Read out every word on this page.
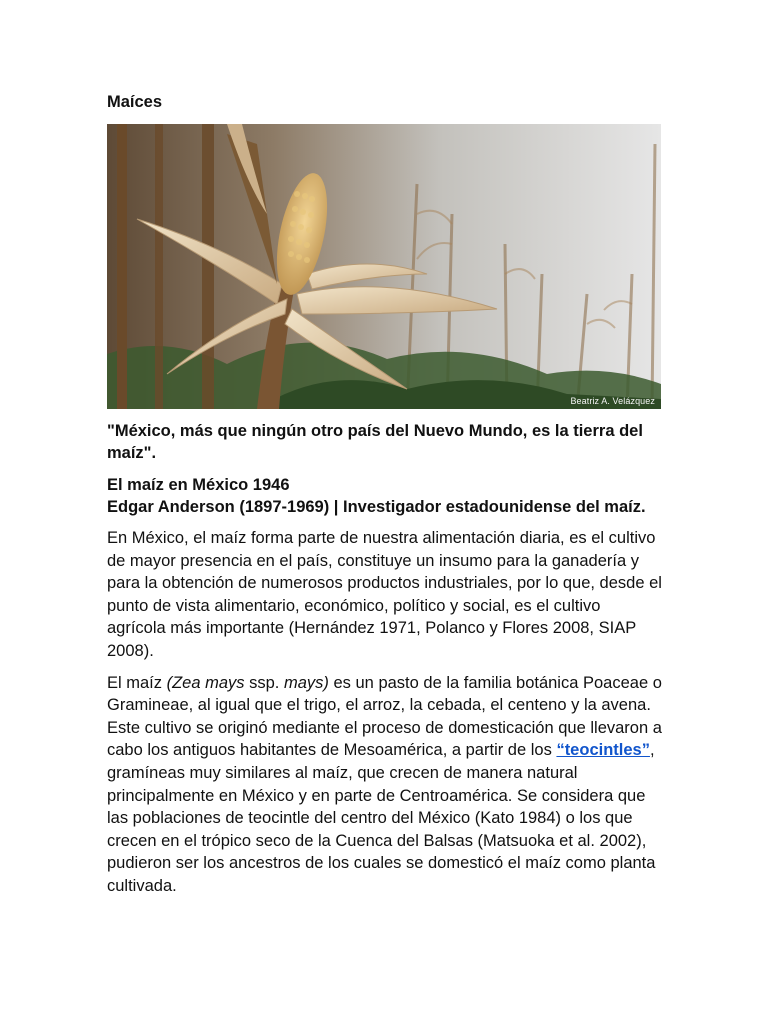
Maíces
Beatriz A. Velázquez
"México, más que ningún otro país del Nuevo Mundo, es la tierra del maíz".
El maíz en México 1946
Edgar Anderson (1897-1969) | Investigador estadounidense del maíz.

En México, el maíz forma parte de nuestra alimentación diaria, es el cultivo de mayor presencia en el país, constituye un insumo para la ganadería y para la obtención de numerosos productos industriales, por lo que, desde el punto de vista alimentario, económico, político y social, es el cultivo agrícola más importante (Hernández 1971, Polanco y Flores 2008, SIAP 2008).

El maíz (Zea mays ssp. mays) es un pasto de la familia botánica Poaceae o Gramineae, al igual que el trigo, el arroz, la cebada, el centeno y la avena. Este cultivo se originó mediante el proceso de domesticación que llevaron a cabo los antiguos habitantes de Mesoamérica, a partir de los “teocintles”, gramíneas muy similares al maíz, que crecen de manera natural principalmente en México y en parte de Centroamérica. Se considera que las poblaciones de teocintle del centro del México (Kato 1984) o los que crecen en el trópico seco de la Cuenca del Balsas (Matsuoka et al. 2002), pudieron ser los ancestros de los cuales se domesticó el maíz como planta cultivada.
